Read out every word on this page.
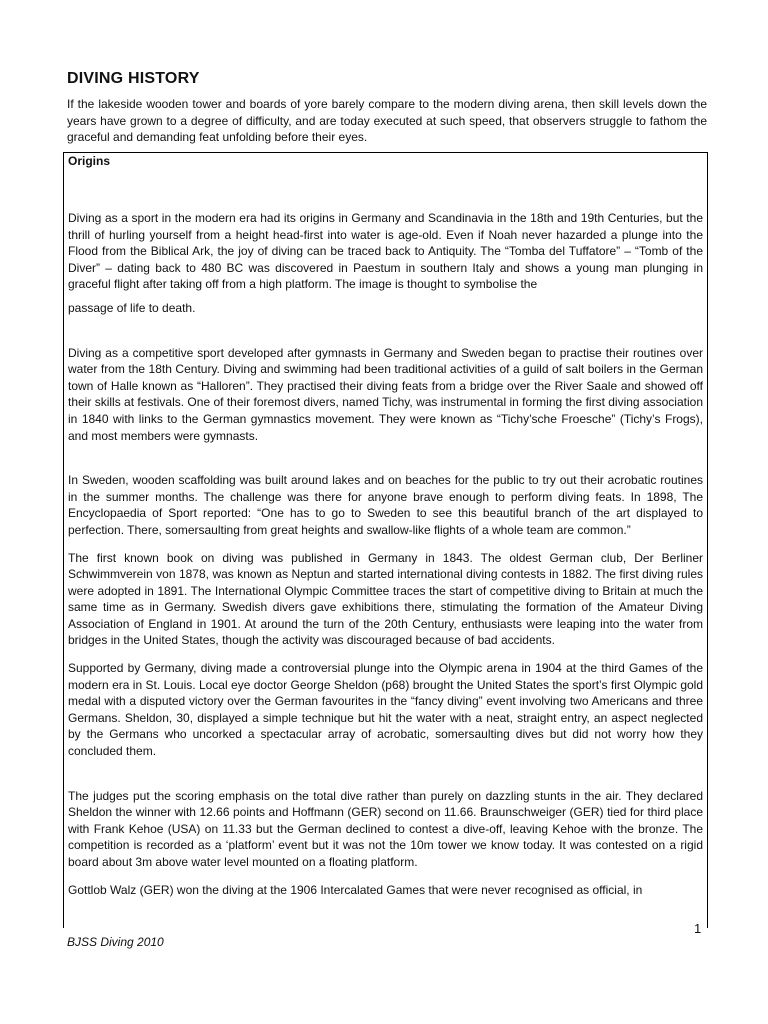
DIVING HISTORY
If the lakeside wooden tower and boards of yore barely compare to the modern diving arena, then skill levels down the years have grown to a degree of difficulty, and are today executed at such speed, that observers struggle to fathom the graceful and demanding feat unfolding before their eyes.
Origins

Diving as a sport in the modern era had its origins in Germany and Scandinavia in the 18th and 19th Centuries, but the thrill of hurling yourself from a height head-first into water is age-old. Even if Noah never hazarded a plunge into the Flood from the Biblical Ark, the joy of diving can be traced back to Antiquity. The “Tomba del Tuffatore” – “Tomb of the Diver” – dating back to 480 BC was discovered in Paestum in southern Italy and shows a young man plunging in graceful flight after taking off from a high platform. The image is thought to symbolise the

passage of life to death.

Diving as a competitive sport developed after gymnasts in Germany and Sweden began to practise their routines over water from the 18th Century. Diving and swimming had been traditional activities of a guild of salt boilers in the German town of Halle known as “Halloren”. They practised their diving feats from a bridge over the River Saale and showed off their skills at festivals. One of their foremost divers, named Tichy, was instrumental in forming the first diving association in 1840 with links to the German gymnastics movement. They were known as “Tichy’sche Froesche” (Tichy’s Frogs), and most members were gymnasts.

In Sweden, wooden scaffolding was built around lakes and on beaches for the public to try out their acrobatic routines in the summer months. The challenge was there for anyone brave enough to perform diving feats. In 1898, The Encyclopaedia of Sport reported: “One has to go to Sweden to see this beautiful branch of the art displayed to perfection. There, somersaulting from great heights and swallow-like flights of a whole team are common.”

The first known book on diving was published in Germany in 1843. The oldest German club, Der Berliner Schwimmverein von 1878, was known as Neptun and started international diving contests in 1882. The first diving rules were adopted in 1891. The International Olympic Committee traces the start of competitive diving to Britain at much the same time as in Germany. Swedish divers gave exhibitions there, stimulating the formation of the Amateur Diving Association of England in 1901. At around the turn of the 20th Century, enthusiasts were leaping into the water from bridges in the United States, though the activity was discouraged because of bad accidents.

Supported by Germany, diving made a controversial plunge into the Olympic arena in 1904 at the third Games of the modern era in St. Louis. Local eye doctor George Sheldon (p68) brought the United States the sport’s first Olympic gold medal with a disputed victory over the German favourites in the “fancy diving” event involving two Americans and three Germans. Sheldon, 30, displayed a simple technique but hit the water with a neat, straight entry, an aspect neglected by the Germans who uncorked a spectacular array of acrobatic, somersaulting dives but did not worry how they concluded them.

The judges put the scoring emphasis on the total dive rather than purely on dazzling stunts in the air. They declared Sheldon the winner with 12.66 points and Hoffmann (GER) second on 11.66. Braunschweiger (GER) tied for third place with Frank Kehoe (USA) on 11.33 but the German declined to contest a dive-off, leaving Kehoe with the bronze. The competition is recorded as a ‘platform’ event but it was not the 10m tower we know today. It was contested on a rigid board about 3m above water level mounted on a floating platform.

Gottlob Walz (GER) won the diving at the 1906 Intercalated Games that were never recognised as official, in

1
BJSS Diving 2010
